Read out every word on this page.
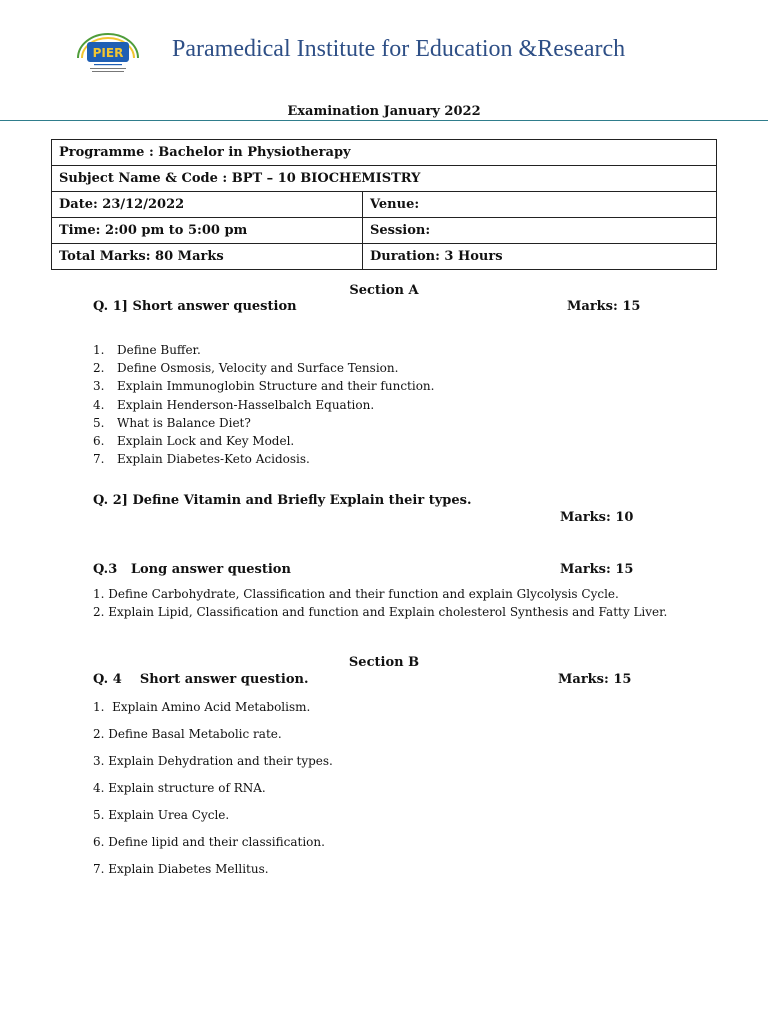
PIER Paramedical Institute for Education &Research
Examination January 2022
Programme : Bachelor in Physiotherapy	
Subject Name & Code : BPT – 10 BIOCHEMISTRY	
Date: 23/12/2022	Venue:
Time: 2:00 pm to 5:00 pm	Session:
Total Marks: 80 Marks	Duration: 3 Hours
Section A
Q. 1] Short answer question	Marks: 15
1. Define Buffer.
2. Define Osmosis, Velocity and Surface Tension.
3. Explain Immunoglobin Structure and their function.
4. Explain Henderson-Hasselbalch Equation.
5. What is Balance Diet?
6. Explain Lock and Key Model.
7. Explain Diabetes-Keto Acidosis.
Q. 2] Define Vitamin and Briefly Explain their types.
Marks: 10
Q.3   Long answer question	Marks: 15

1. Define Carbohydrate, Classification and their function and explain Glycolysis Cycle.

2. Explain Lipid, Classification and function and Explain cholesterol Synthesis and Fatty Liver.

Section B
Q. 4    Short answer question.	Marks: 15
1.  Explain Amino Acid Metabolism.
2. Define Basal Metabolic rate.
3. Explain Dehydration and their types.
4. Explain structure of RNA.
5. Explain Urea Cycle.
6. Define lipid and their classification.
7. Explain Diabetes Mellitus.
